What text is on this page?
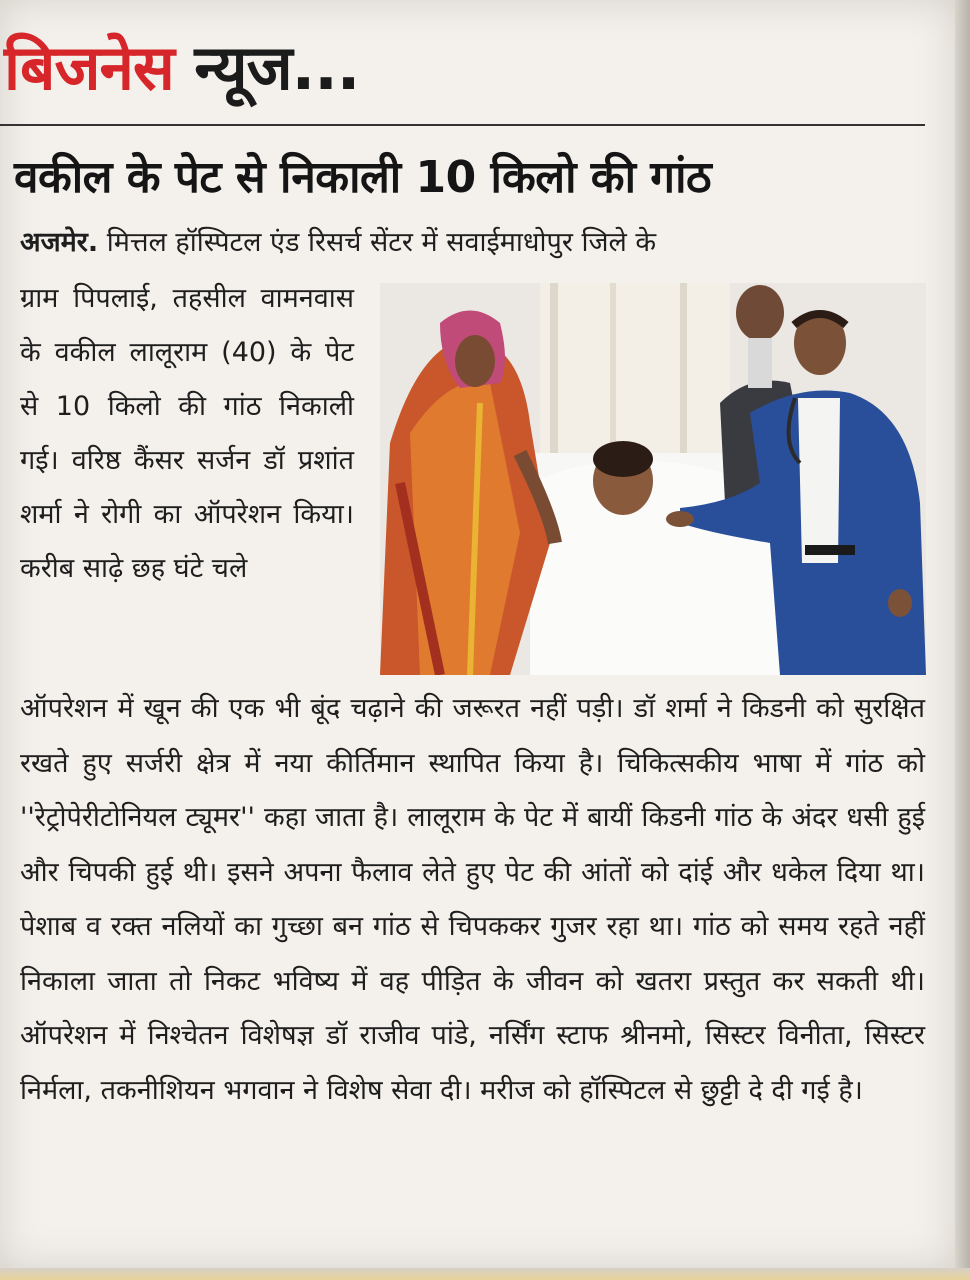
बिजनेस न्यूज...
वकील के पेट से निकाली 10 किलो की गांठ

अजमेर. मित्तल हॉस्पिटल एंड रिसर्च सेंटर में सवाईमाधोपुर जिले के

ग्राम पिपलाई, तहसील वामनवास के वकील लालूराम (40) के पेट से 10 किलो की गांठ निकाली गई। वरिष्ठ कैंसर सर्जन डॉ प्रशांत शर्मा ने रोगी का ऑपरेशन किया। करीब साढ़े छह घंटे चले

ऑपरेशन में खून की एक भी बूंद चढ़ाने की जरूरत नहीं पड़ी। डॉ शर्मा ने किडनी को सुरक्षित रखते हुए सर्जरी क्षेत्र में नया कीर्तिमान स्थापित किया है। चिकित्सकीय भाषा में गांठ को ''रेट्रोपेरीटोनियल ट्यूमर'' कहा जाता है। लालूराम के पेट में बायीं किडनी गांठ के अंदर धसी हुई और चिपकी हुई थी। इसने अपना फैलाव लेते हुए पेट की आंतों को दांई और धकेल दिया था। पेशाब व रक्त नलियों का गुच्छा बन गांठ से चिपककर गुजर रहा था। गांठ को समय रहते नहीं निकाला जाता तो निकट भविष्य में वह पीड़ित के जीवन को खतरा प्रस्तुत कर सकती थी। ऑपरेशन में निश्चेतन विशेषज्ञ डॉ राजीव पांडे, नर्सिंग स्टाफ श्रीनमो, सिस्टर विनीता, सिस्टर निर्मला, तकनीशियन भगवान ने विशेष सेवा दी। मरीज को हॉस्पिटल से छुट्टी दे दी गई है।
